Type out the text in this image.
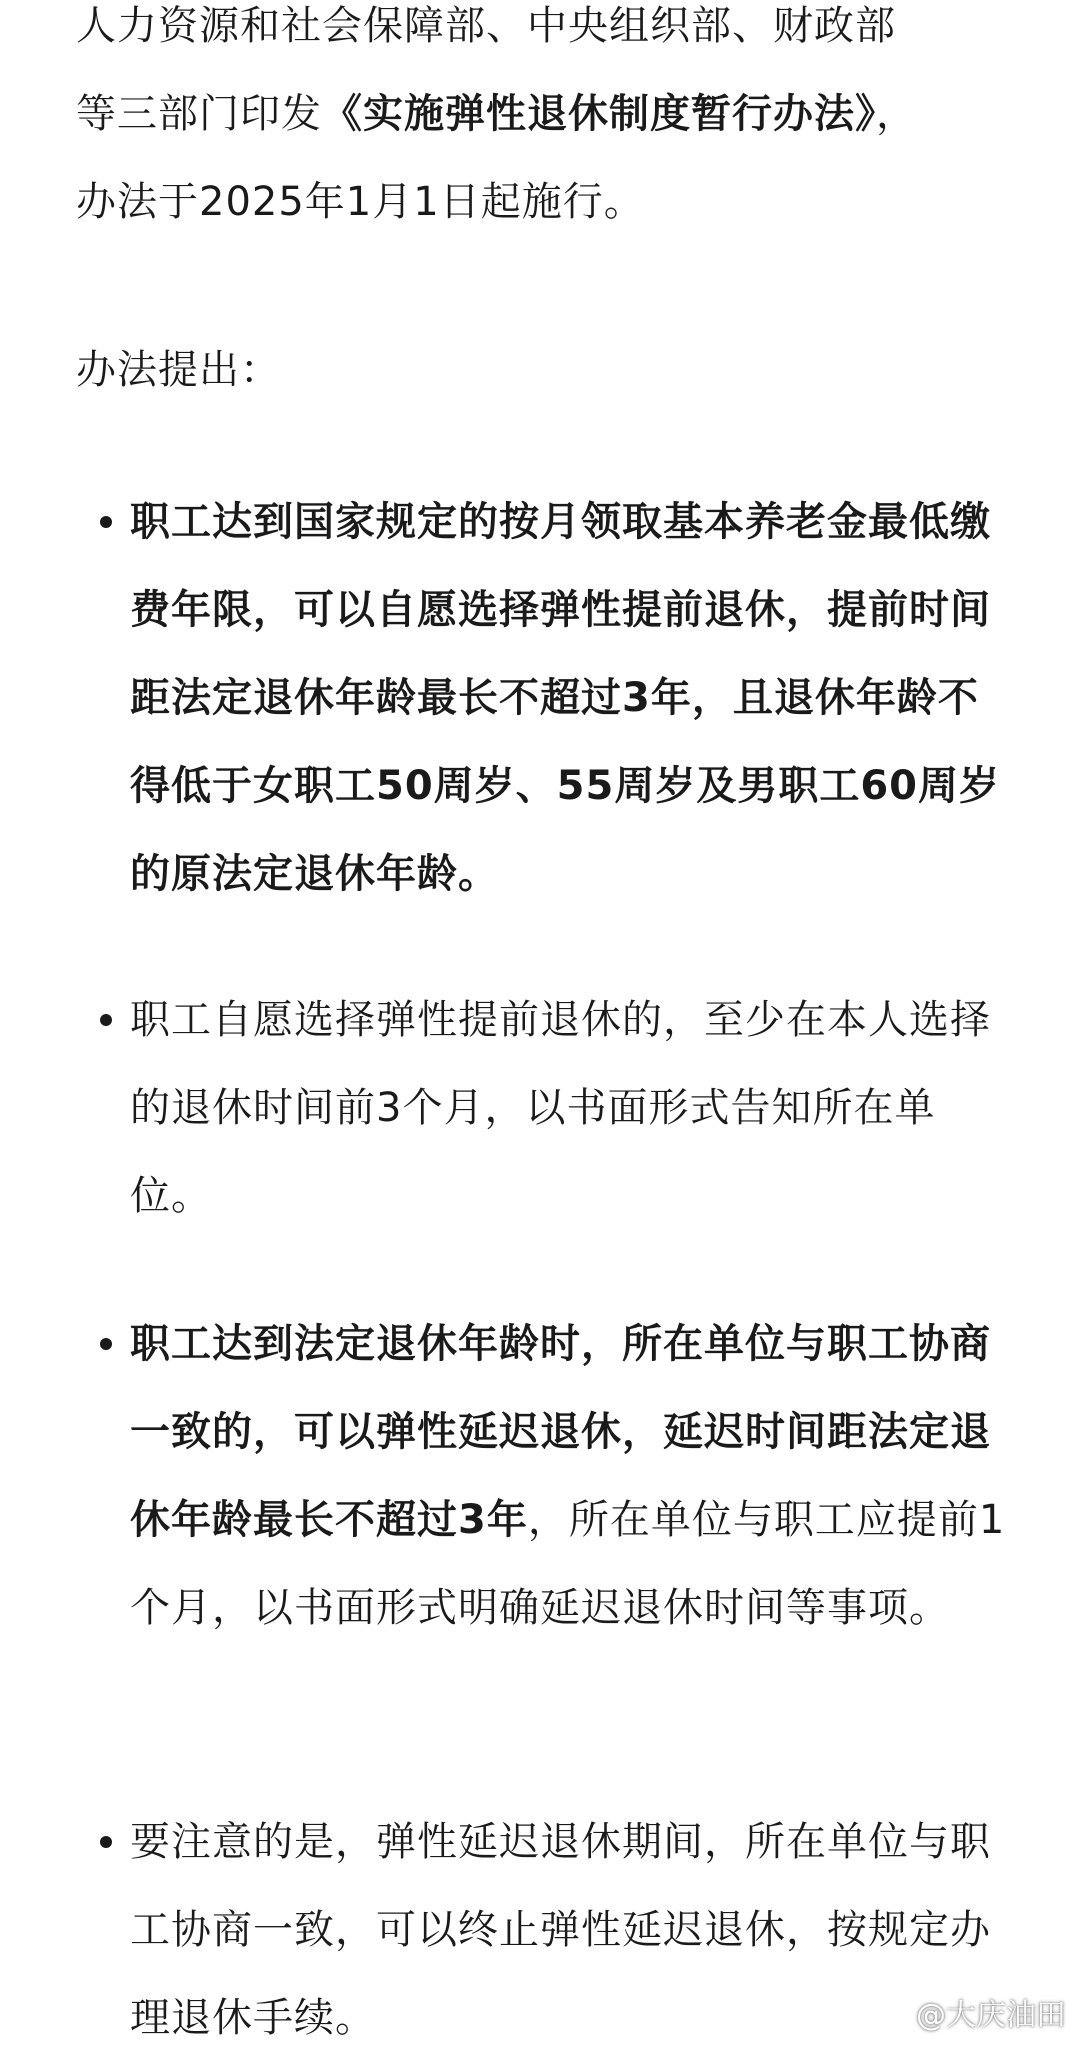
人力资源和社会保障部、中央组织部、财政部
等三部门印发《实施弹性退休制度暂行办法》，
办法于2025年1月1日起施行。

办法提出：

职工达到国家规定的按月领取基本养老金最低缴费年限，可以自愿选择弹性提前退休，提前时间距法定退休年龄最长不超过3年，且退休年龄不得低于女职工50周岁、55周岁及男职工60周岁的原法定退休年龄。
职工自愿选择弹性提前退休的，至少在本人选择的退休时间前3个月，以书面形式告知所在单位。
职工达到法定退休年龄时，所在单位与职工协商一致的，可以弹性延迟退休，延迟时间距法定退休年龄最长不超过3年，所在单位与职工应提前1个月，以书面形式明确延迟退休时间等事项。
要注意的是，弹性延迟退休期间，所在单位与职工协商一致，可以终止弹性延迟退休，按规定办理退休手续。	@大庆油田
